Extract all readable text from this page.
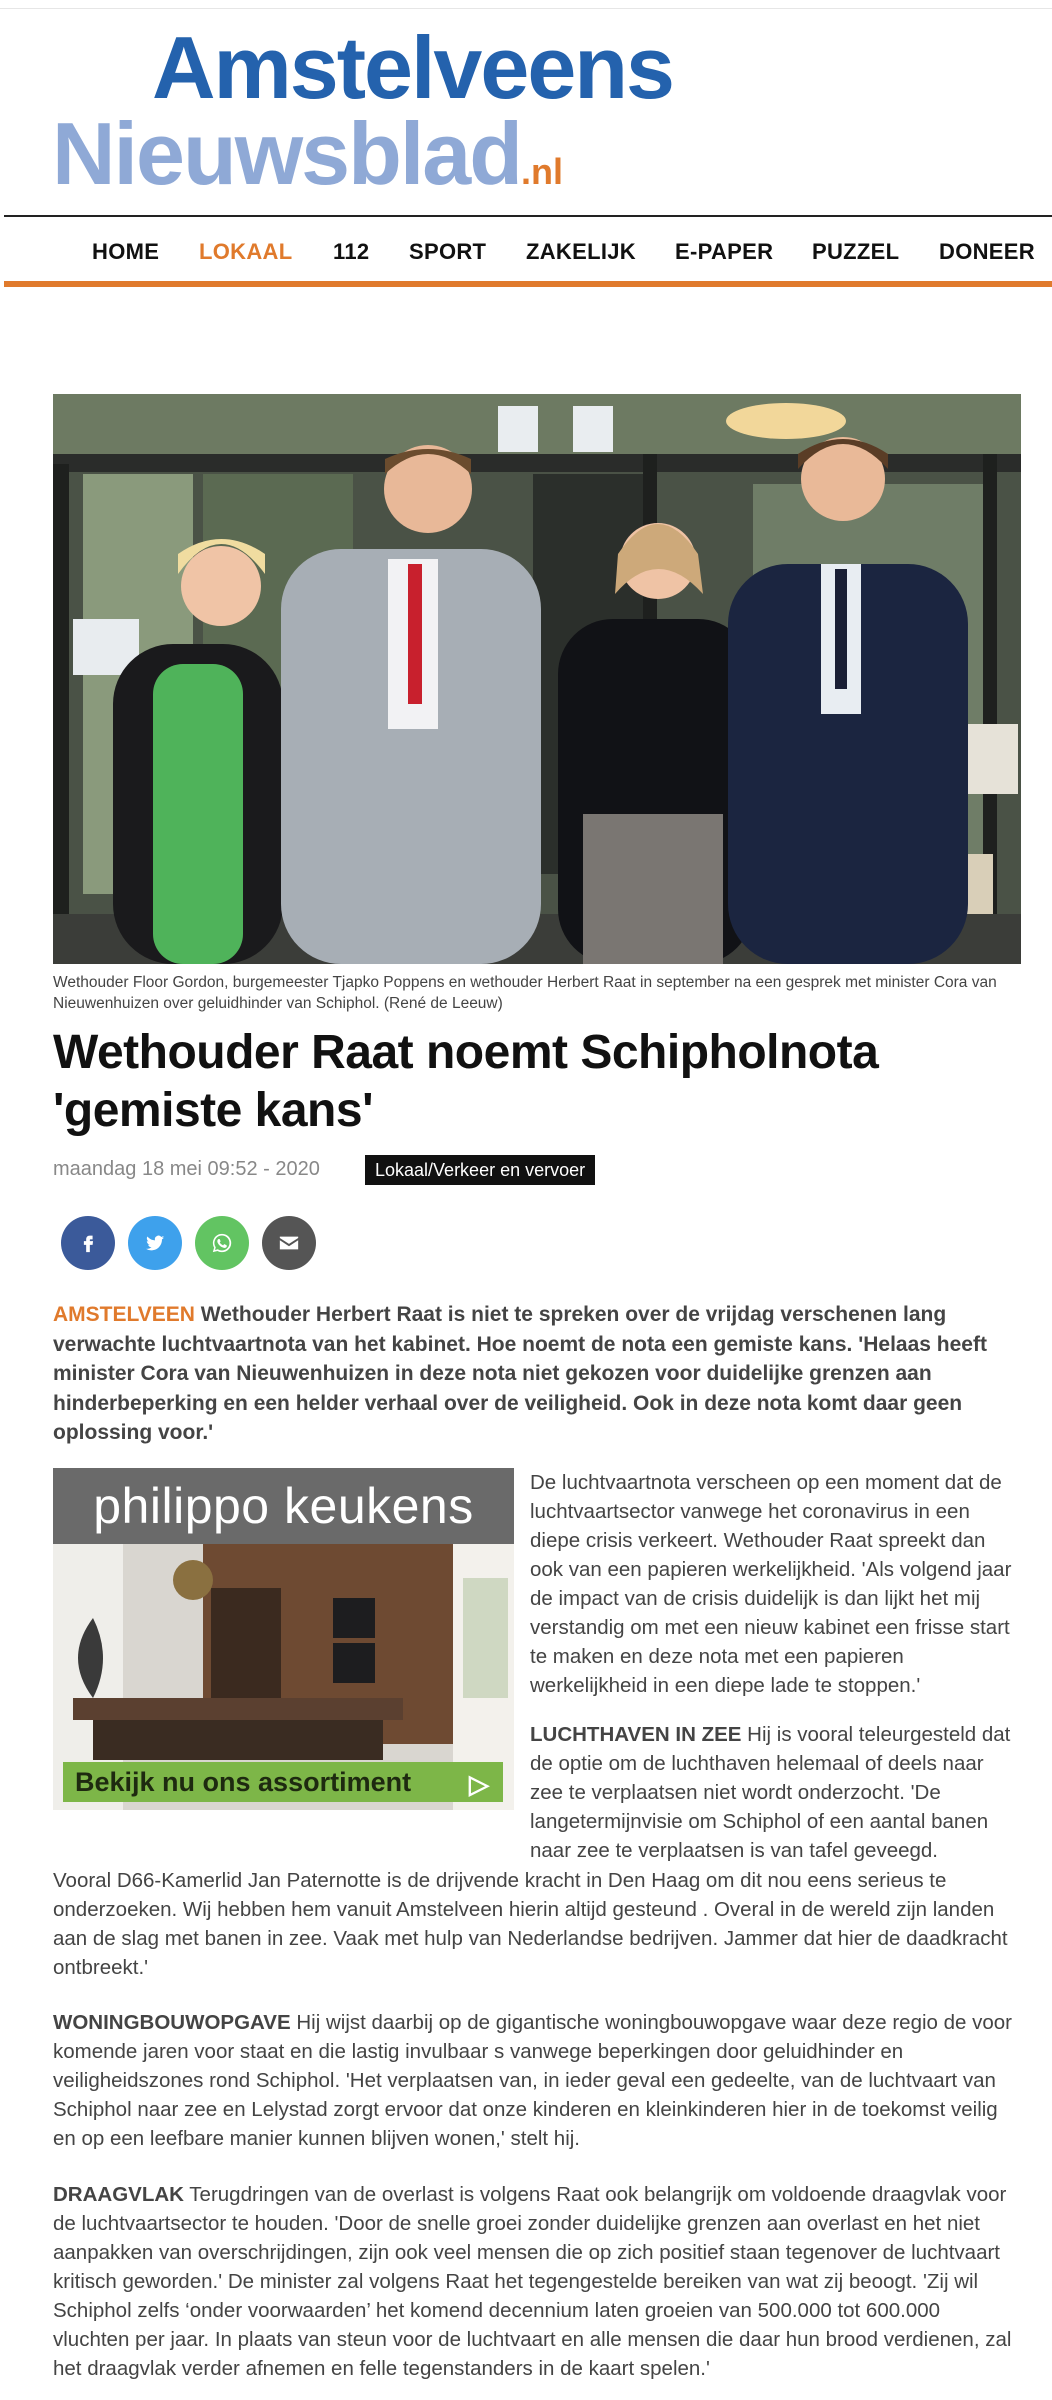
Amstelveens
Nieuwsblad.nl
HOME LOKAAL 112 SPORT ZAKELIJK E-PAPER PUZZEL DONEER
Wethouder Floor Gordon, burgemeester Tjapko Poppens en wethouder Herbert Raat in september na een gesprek met minister Cora van Nieuwenhuizen over geluidhinder van Schiphol. (René de Leeuw)
Wethouder Raat noemt Schipholnota 'gemiste kans'
maandag 18 mei 09:52 - 2020	Lokaal/Verkeer en vervoer

AMSTELVEEN Wethouder Herbert Raat is niet te spreken over de vrijdag verschenen lang verwachte luchtvaartnota van het kabinet. Hoe noemt de nota een gemiste kans. 'Helaas heeft minister Cora van Nieuwenhuizen in deze nota niet gekozen voor duidelijke grenzen aan hinderbeperking en een helder verhaal over de veiligheid. Ook in deze nota komt daar geen oplossing voor.'

philippo keukens
Bekijk nu ons assortiment ▷

De luchtvaartnota verscheen op een moment dat de luchtvaartsector vanwege het coronavirus in een diepe crisis verkeert. Wethouder Raat spreekt dan ook van een papieren werkelijkheid. 'Als volgend jaar de impact van de crisis duidelijk is dan lijkt het mij verstandig om met een nieuw kabinet een frisse start te maken en deze nota met een papieren werkelijkheid in een diepe lade te stoppen.'

LUCHTHAVEN IN ZEE Hij is vooral teleurgesteld dat de optie om de luchthaven helemaal of deels naar zee te verplaatsen niet wordt onderzocht. 'De langetermijnvisie om Schiphol of een aantal banen naar zee te verplaatsen is van tafel geveegd.

Vooral D66-Kamerlid Jan Paternotte is de drijvende kracht in Den Haag om dit nou eens serieus te onderzoeken. Wij hebben hem vanuit Amstelveen hierin altijd gesteund . Overal in de wereld zijn landen aan de slag met banen in zee. Vaak met hulp van Nederlandse bedrijven. Jammer dat hier de daadkracht ontbreekt.'

WONINGBOUWOPGAVE Hij wijst daarbij op de gigantische woningbouwopgave waar deze regio de voor komende jaren voor staat en die lastig invulbaar s vanwege beperkingen door geluidhinder en veiligheidszones rond Schiphol. 'Het verplaatsen van, in ieder geval een gedeelte, van de luchtvaart van Schiphol naar zee en Lelystad zorgt ervoor dat onze kinderen en kleinkinderen hier in de toekomst veilig en op een leefbare manier kunnen blijven wonen,' stelt hij.

DRAAGVLAK Terugdringen van de overlast is volgens Raat ook belangrijk om voldoende draagvlak voor de luchtvaartsector te houden. 'Door de snelle groei zonder duidelijke grenzen aan overlast en het niet aanpakken van overschrijdingen, zijn ook veel mensen die op zich positief staan tegenover de luchtvaart kritisch geworden.' De minister zal volgens Raat het tegengestelde bereiken van wat zij beoogt. 'Zij wil Schiphol zelfs ‘onder voorwaarden’ het komend decennium laten groeien van 500.000 tot 600.000 vluchten per jaar. In plaats van steun voor de luchtvaart en alle mensen die daar hun brood verdienen, zal het draagvlak verder afnemen en felle tegenstanders in de kaart spelen.'
